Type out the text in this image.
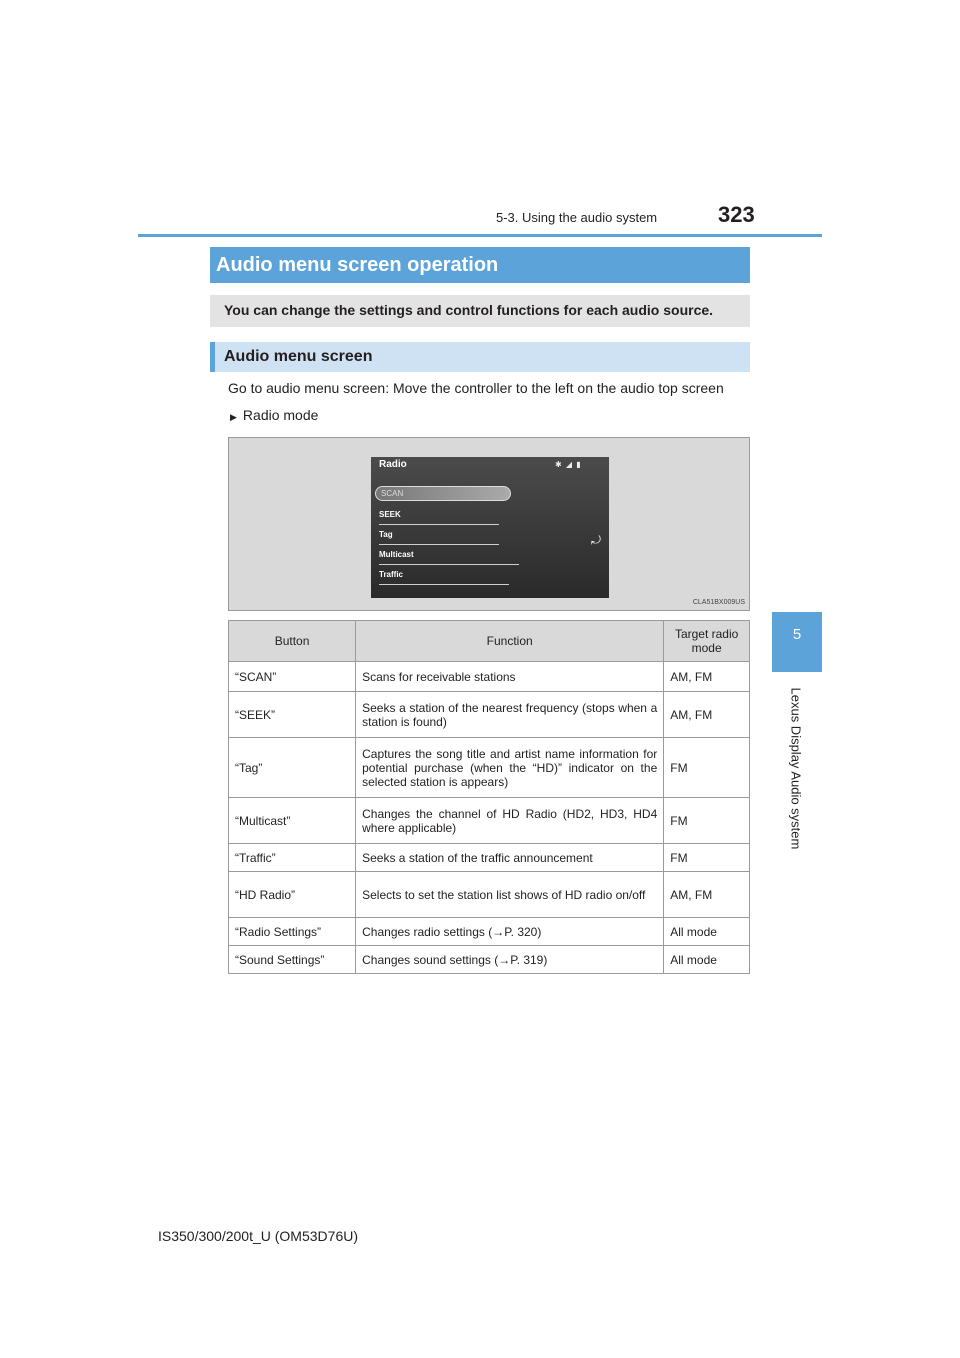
5-3. Using the audio system	323
5
Lexus Display Audio system
Audio menu screen operation
You can change the settings and control functions for each audio source.
Audio menu screen
Go to audio menu screen: Move the controller to the left on the audio top screen
▶ Radio mode
Radio	✱ ◢ ▮
SCAN
SEEK
Tag
Multicast
Traffic
⤾
CLA51BX009US
Button	Function	Target radio mode
“SCAN”	Scans for receivable stations	AM, FM
“SEEK”	Seeks a station of the nearest frequency (stops when a station is found)	AM, FM
“Tag”	Captures the song title and artist name information for potential purchase (when the “HD)” indicator on the selected station is appears)	FM
“Multicast”	Changes the channel of HD Radio (HD2, HD3, HD4 where applicable)	FM
“Traffic”	Seeks a station of the traffic announcement	FM
“HD Radio”	Selects to set the station list shows of HD radio on/off	AM, FM
“Radio Settings”	Changes radio settings (→P. 320)	All mode
“Sound Settings”	Changes sound settings (→P. 319)	All mode
IS350/300/200t_U (OM53D76U)
